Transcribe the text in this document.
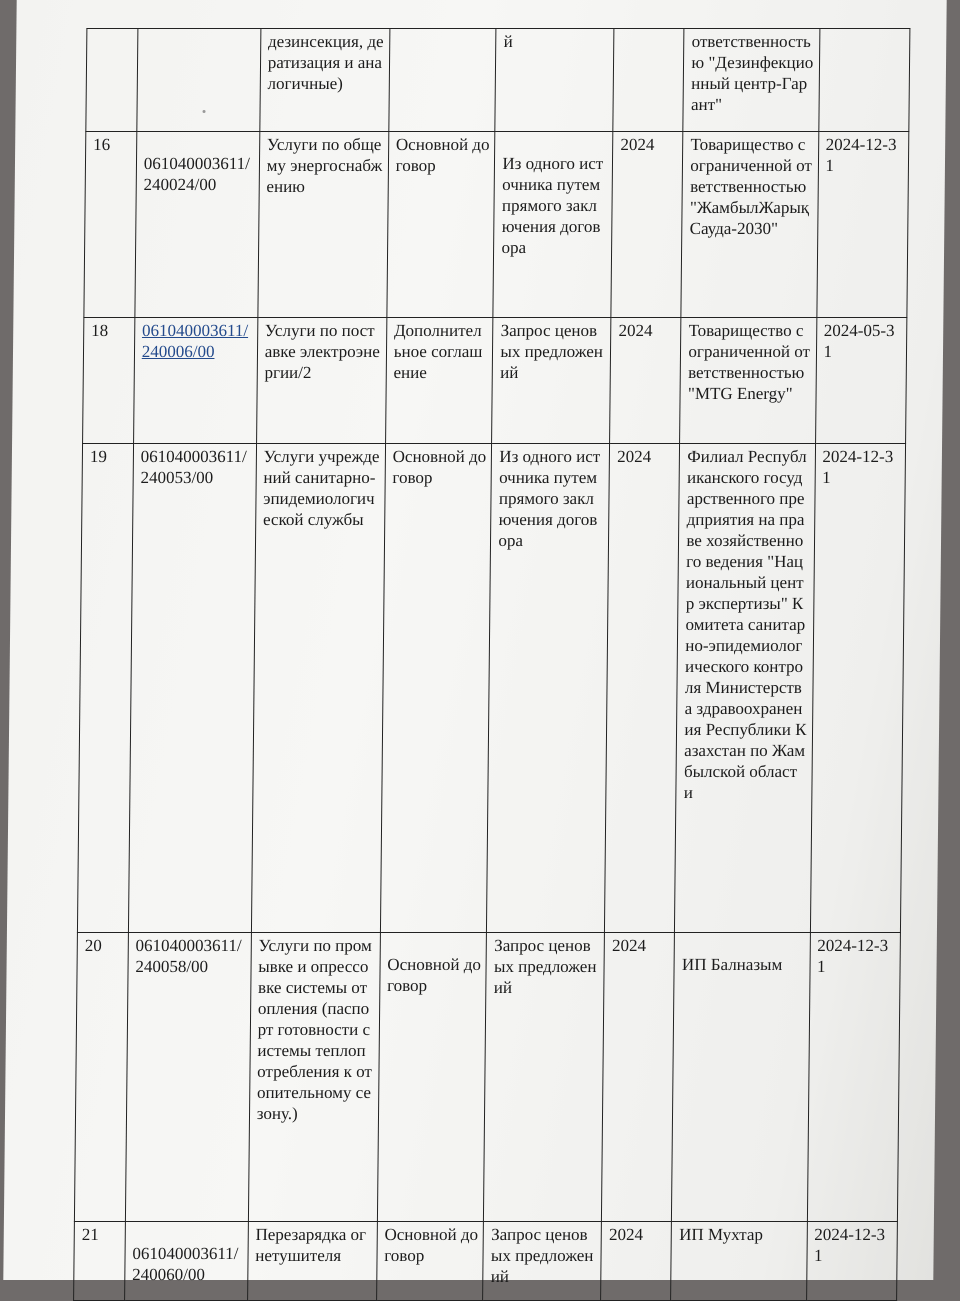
		дезинсекция, дератизация и аналогичные)		й		ответственностью "Дезинфекционный центр-Гарант"	
16	061040003611/240024/00	Услуги по общему энергоснабжению	Основной договор	Из одного источника путем прямого заключения договора	2024	Товарищество с ограниченной ответственностью "ЖамбылЖарықСауда-2030"	2024-12-31
18	061040003611/240006/00	Услуги по поставке электроэнергии/2	Дополнительное соглашение	Запрос ценовых предложений	2024	Товарищество с ограниченной ответственностью "MTG Energy"	2024-05-31
19	061040003611/240053/00	Услуги учреждений санитарно-эпидемиологической службы	Основной договор	Из одного источника путем прямого заключения договора	2024	Филиал Республиканского государственного предприятия на праве хозяйственного ведения "Национальный центр экспертизы" Комитета санитарно-эпидемиологического контроля Министерства здравоохранения Республики Казахстан по Жамбылской области	2024-12-31
20	061040003611/240058/00	Услуги по промывке и опрессовке системы отопления (паспорт готовности системы теплопотребления к отопительному сезону.)	Основной договор	Запрос ценовых предложений	2024	ИП Балназым	2024-12-31
21	061040003611/240060/00	Перезарядка огнетушителя	Основной договор	Запрос ценовых предложений	2024	ИП Мухтар	2024-12-31
